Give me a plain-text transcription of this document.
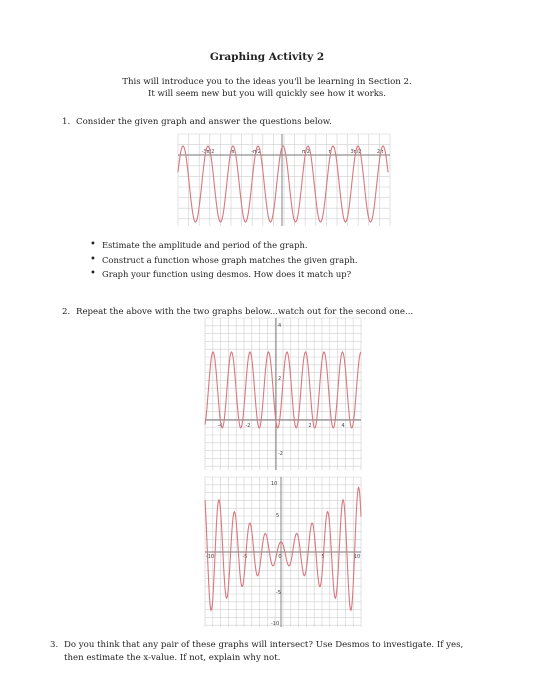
Graphing Activity 2
This will introduce you to the ideas you'll be learning in Section 2.
It will seem new but you will quickly see how it works.
1. Consider the given graph and answer the questions below.
-3π/2	-π	-π/2	π/2	π	3π/2	2π
• Estimate the amplitude and period of the graph.
• Construct a function whose graph matches the given graph.
• Graph your function using desmos. How does it match up?
2. Repeat the above with the two graphs below...watch out for the second one...
-4	-2	2	4
4
2
-2
-10	-5	0	5	10
10
5
-5
-10
3. Do you think that any pair of these graphs will intersect? Use Desmos to investigate. If yes,
then estimate the x-value. If not, explain why not.
